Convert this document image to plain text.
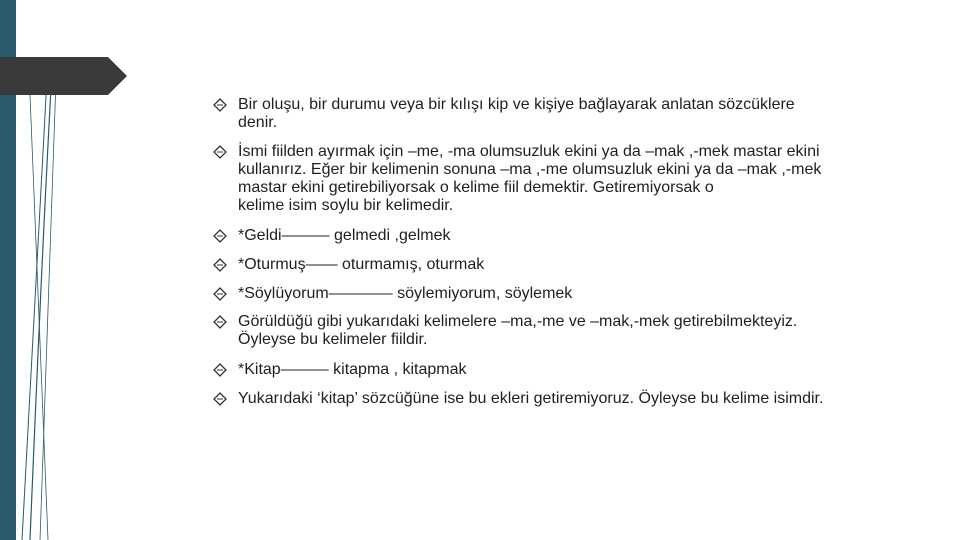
Bir oluşu, bir durumu veya bir kılışı kip ve kişiye bağlayarak anlatan sözcüklere
denir.
İsmi fiilden ayırmak için –me, -ma olumsuzluk ekini ya da –mak ,-mek mastar ekini
kullanırız. Eğer bir kelimenin sonuna –ma ,-me olumsuzluk ekini ya da –mak ,-mek
mastar ekini getirebiliyorsak o kelime fiil demektir. Getiremiyorsak o
kelime isim soylu bir kelimedir.
*Geldi——— gelmedi ,gelmek
*Oturmuş—— oturmamış, oturmak
*Söylüyorum———— söylemiyorum, söylemek
Görüldüğü gibi yukarıdaki kelimelere –ma,-me ve –mak,-mek getirebilmekteyiz.
Öyleyse bu kelimeler fiildir.
*Kitap——— kitapma , kitapmak
Yukarıdaki ‘kitap’ sözcüğüne ise bu ekleri getiremiyoruz. Öyleyse bu kelime isimdir.
